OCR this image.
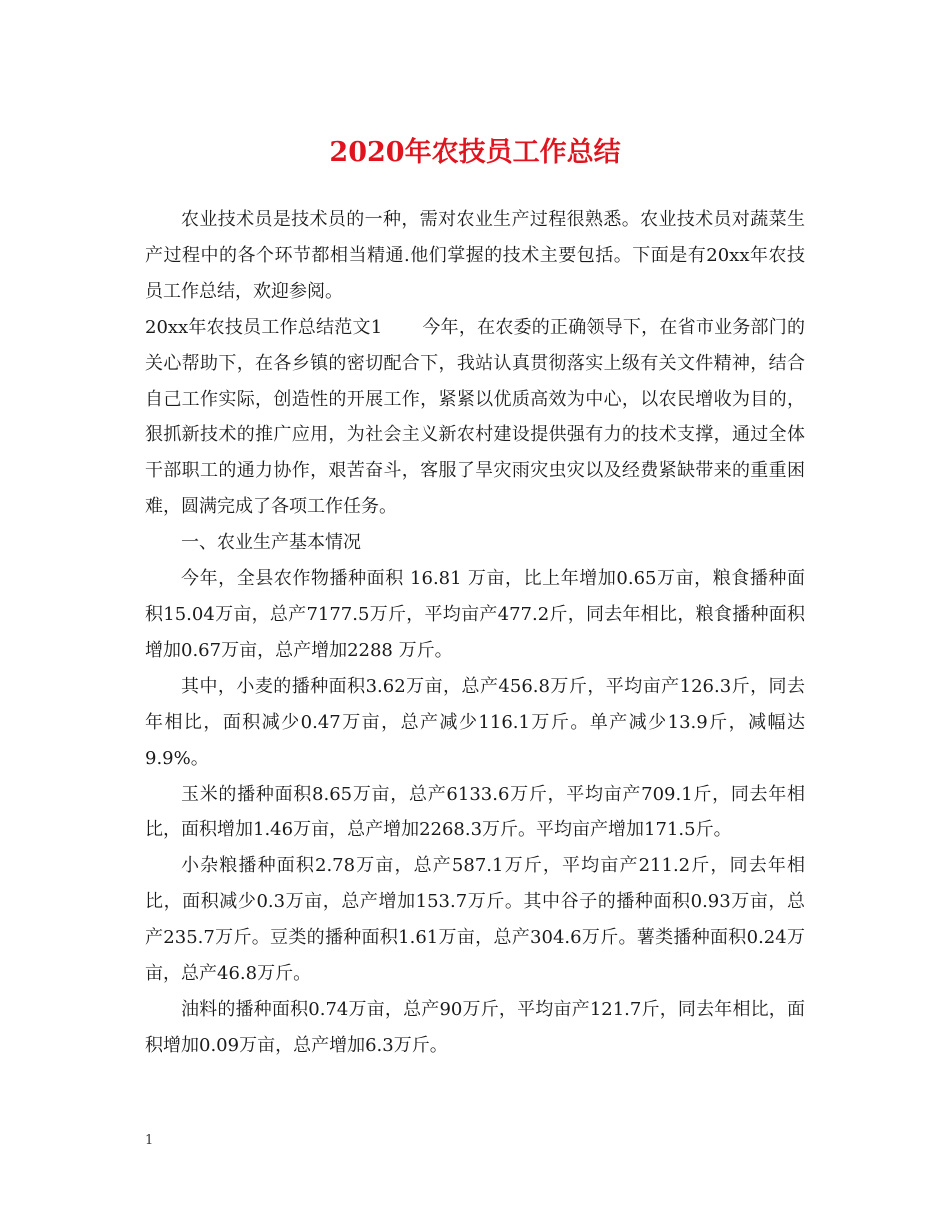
2020年农技员工作总结

农业技术员是技术员的一种，需对农业生产过程很熟悉。农业技术员对蔬菜生产过程中的各个环节都相当精通.他们掌握的技术主要包括。下面是有20xx年农技员工作总结，欢迎参阅。

20xx年农技员工作总结范文1 今年，在农委的正确领导下，在省市业务部门的关心帮助下，在各乡镇的密切配合下，我站认真贯彻落实上级有关文件精神，结合自己工作实际，创造性的开展工作，紧紧以优质高效为中心，以农民增收为目的，狠抓新技术的推广应用，为社会主义新农村建设提供强有力的技术支撑，通过全体干部职工的通力协作，艰苦奋斗，客服了旱灾雨灾虫灾以及经费紧缺带来的重重困难，圆满完成了各项工作任务。

一、农业生产基本情况

今年，全县农作物播种面积 16.81 万亩，比上年增加0.65万亩，粮食播种面积15.04万亩，总产7177.5万斤，平均亩产477.2斤，同去年相比，粮食播种面积增加0.67万亩，总产增加2288 万斤。

其中，小麦的播种面积3.62万亩，总产456.8万斤，平均亩产126.3斤，同去年相比，面积减少0.47万亩，总产减少116.1万斤。单产减少13.9斤，减幅达9.9%。

玉米的播种面积8.65万亩，总产6133.6万斤，平均亩产709.1斤，同去年相比，面积增加1.46万亩，总产增加2268.3万斤。平均亩产增加171.5斤。

小杂粮播种面积2.78万亩，总产587.1万斤，平均亩产211.2斤，同去年相比，面积减少0.3万亩，总产增加153.7万斤。其中谷子的播种面积0.93万亩，总产235.7万斤。豆类的播种面积1.61万亩，总产304.6万斤。薯类播种面积0.24万亩，总产46.8万斤。

油料的播种面积0.74万亩，总产90万斤，平均亩产121.7斤，同去年相比，面积增加0.09万亩，总产增加6.3万斤。

1
